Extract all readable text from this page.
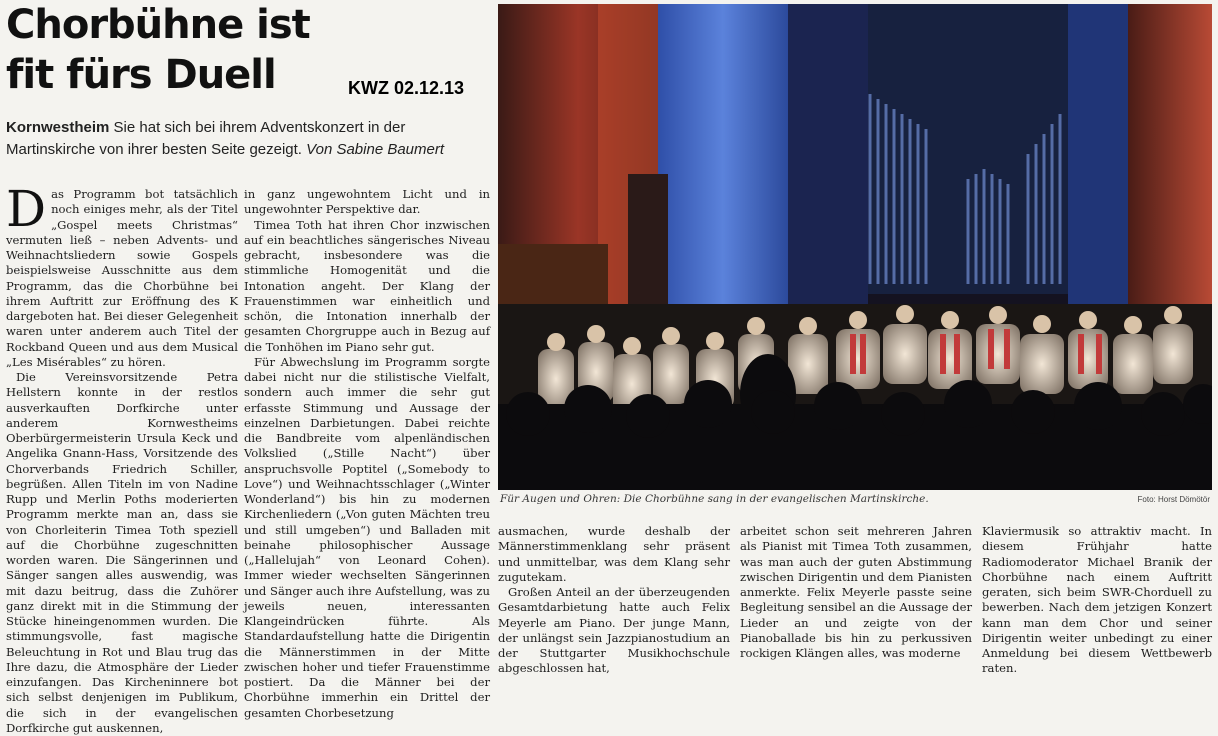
Chorbühne ist
fit fürs Duell	KWZ 02.12.13
Kornwestheim Sie hat sich bei ihrem Adventskonzert in der Martinskirche von ihrer besten Seite gezeigt. Von Sabine Baumert

Das Programm bot tatsächlich noch einiges mehr, als der Titel „Gospel meets Christmas“ vermuten ließ – neben Advents- und Weihnachtsliedern sowie Gospels beispielsweise Ausschnitte aus dem Programm, das die Chorbühne bei ihrem Auftritt zur Eröffnung des K dargeboten hat. Bei dieser Gelegenheit waren unter anderem auch Titel der Rockband Queen und aus dem Musical „Les Misérables“ zu hören.

Die Vereinsvorsitzende Petra Hellstern konnte in der restlos ausverkauften Dorfkirche unter anderem Kornwestheims Oberbürgermeisterin Ursula Keck und Angelika Gnann-Hass, Vorsitzende des Chorverbands Friedrich Schiller, begrüßen. Allen Titeln im von Nadine Rupp und Merlin Poths moderierten Programm merkte man an, dass sie von Chorleiterin Timea Toth speziell auf die Chorbühne zugeschnitten worden waren. Die Sängerinnen und Sänger sangen alles auswendig, was mit dazu beitrug, dass die Zuhörer ganz direkt mit in die Stimmung der Stücke hineingenommen wurden. Die stimmungsvolle, fast magische Beleuchtung in Rot und Blau trug das Ihre dazu, die Atmosphäre der Lieder einzufangen. Das Kircheninnere bot sich selbst denjenigen im Publikum, die sich in der evangelischen Dorfkirche gut auskennen,

in ganz ungewohntem Licht und in ungewohnter Perspektive dar.

Timea Toth hat ihren Chor inzwischen auf ein beachtliches sängerisches Niveau gebracht, insbesondere was die stimmliche Homogenität und die Intonation angeht. Der Klang der Frauenstimmen war einheitlich und schön, die Intonation innerhalb der gesamten Chorgruppe auch in Bezug auf die Tonhöhen im Piano sehr gut.

Für Abwechslung im Programm sorgte dabei nicht nur die stilistische Vielfalt, sondern auch immer die sehr gut erfasste Stimmung und Aussage der einzelnen Darbietungen. Dabei reichte die Bandbreite vom alpenländischen Volkslied („Stille Nacht“) über anspruchsvolle Poptitel („Somebody to Love“) und Weihnachtsschlager („Winter Wonderland“) bis hin zu modernen Kirchenliedern („Von guten Mächten treu und still umgeben“) und Balladen mit beinahe philosophischer Aussage („Hallelujah“ von Leonard Cohen). Immer wieder wechselten Sängerinnen und Sänger auch ihre Aufstellung, was zu jeweils neuen, interessanten Klangeindrücken führte. Als Standardaufstellung hatte die Dirigentin die Männerstimmen in der Mitte zwischen hoher und tiefer Frauenstimme postiert. Da die Männer bei der Chorbühne immerhin ein Drittel der gesamten Chorbesetzung

ausmachen, wurde deshalb der Männerstimmenklang sehr präsent und unmittelbar, was dem Klang sehr zugutekam.

Großen Anteil an der überzeugenden Gesamtdarbietung hatte auch Felix Meyerle am Piano. Der junge Mann, der unlängst sein Jazzpianostudium an der Stuttgarter Musikhochschule abgeschlossen hat,

arbeitet schon seit mehreren Jahren als Pianist mit Timea Toth zusammen, was man auch der guten Abstimmung zwischen Dirigentin und dem Pianisten anmerkte. Felix Meyerle passte seine Begleitung sensibel an die Aussage der Lieder an und zeigte von der Pianoballade bis hin zu perkussiven rockigen Klängen alles, was moderne

Klaviermusik so attraktiv macht. In diesem Frühjahr hatte Radiomoderator Michael Branik der Chorbühne nach einem Auftritt geraten, sich beim SWR-Chorduell zu bewerben. Nach dem jetzigen Konzert kann man dem Chor und seiner Dirigentin weiter unbedingt zu einer Anmeldung bei diesem Wettbewerb raten.

Für Augen und Ohren: Die Chorbühne sang in der evangelischen Martinskirche.	Foto: Horst Dömötör
